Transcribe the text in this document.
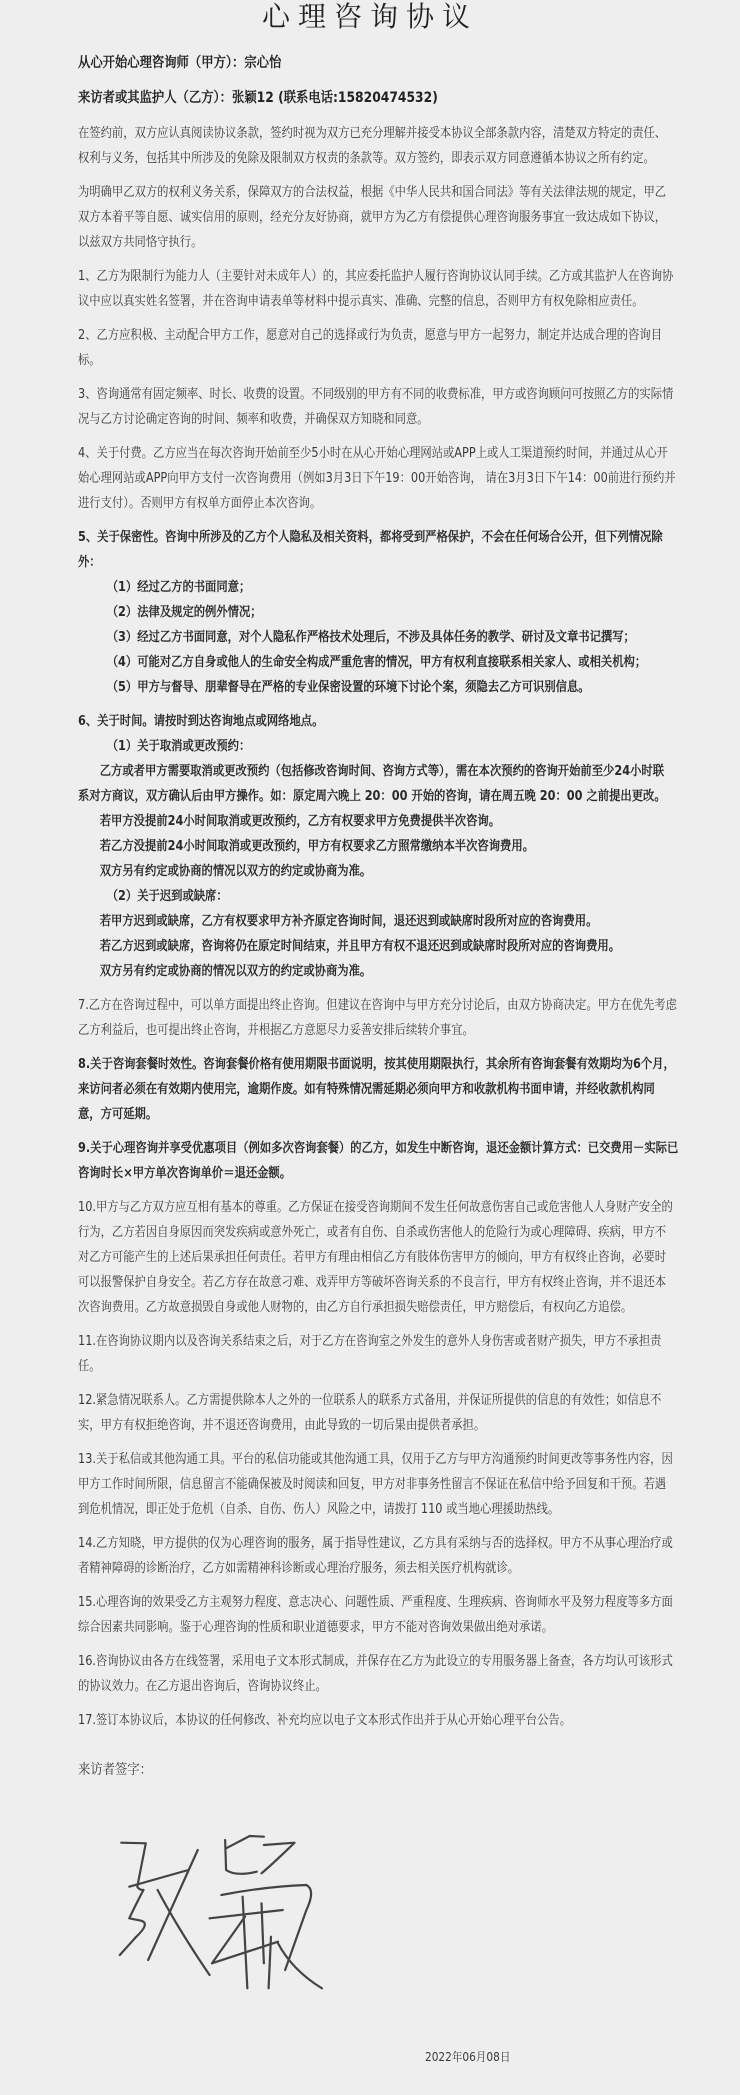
心理咨询协议
从心开始心理咨询师（甲方）：宗心怡
来访者或其监护人（乙方）：张颖12 (联系电话:15820474532)
在签约前，双方应认真阅读协议条款，签约时视为双方已充分理解并接受本协议全部条款内容，清楚双方特定的责任、
权利与义务，包括其中所涉及的免除及限制双方权责的条款等。双方签约，即表示双方同意遵循本协议之所有约定。
为明确甲乙双方的权利义务关系，保障双方的合法权益，根据《中华人民共和国合同法》等有关法律法规的规定，甲乙
双方本着平等自愿、诚实信用的原则，经充分友好协商，就甲方为乙方有偿提供心理咨询服务事宜一致达成如下协议，
以兹双方共同恪守执行。
1、乙方为限制行为能力人（主要针对未成年人）的，其应委托监护人履行咨询协议认同手续。乙方或其监护人在咨询协
议中应以真实姓名签署，并在咨询申请表单等材料中提示真实、准确、完整的信息，否则甲方有权免除相应责任。
2、乙方应积极、主动配合甲方工作，愿意对自己的选择或行为负责，愿意与甲方一起努力，制定并达成合理的咨询目
标。
3、咨询通常有固定频率、时长、收费的设置。不同级别的甲方有不同的收费标准，甲方或咨询顾问可按照乙方的实际情
况与乙方讨论确定咨询的时间、频率和收费，并确保双方知晓和同意。
4、关于付费。乙方应当在每次咨询开始前至少5小时在从心开始心理网站或APP上或人工渠道预约时间，并通过从心开
始心理网站或APP向甲方支付一次咨询费用（例如3月3日下午19：00开始咨询， 请在3月3日下午14：00前进行预约并
进行支付）。否则甲方有权单方面停止本次咨询。
5、关于保密性。咨询中所涉及的乙方个人隐私及相关资料，都将受到严格保护，不会在任何场合公开，但下列情况除
外：
（1）经过乙方的书面同意；
（2）法律及规定的例外情况；
（3）经过乙方书面同意，对个人隐私作严格技术处理后，不涉及具体任务的教学、研讨及文章书记撰写；
（4）可能对乙方自身或他人的生命安全构成严重危害的情况，甲方有权利直接联系相关家人、或相关机构；
（5）甲方与督导、朋辈督导在严格的专业保密设置的环境下讨论个案，须隐去乙方可识别信息。
6、关于时间。请按时到达咨询地点或网络地点。
（1）关于取消或更改预约：
乙方或者甲方需要取消或更改预约（包括修改咨询时间、咨询方式等），需在本次预约的咨询开始前至少24小时联
系对方商议，双方确认后由甲方操作。如：原定周六晚上 20：00 开始的咨询，请在周五晚 20：00 之前提出更改。
若甲方没提前24小时间取消或更改预约，乙方有权要求甲方免费提供半次咨询。
若乙方没提前24小时间取消或更改预约，甲方有权要求乙方照常缴纳本半次咨询费用。
双方另有约定或协商的情况以双方的约定或协商为准。
（2）关于迟到或缺席：
若甲方迟到或缺席，乙方有权要求甲方补齐原定咨询时间，退还迟到或缺席时段所对应的咨询费用。
若乙方迟到或缺席，咨询将仍在原定时间结束，并且甲方有权不退还迟到或缺席时段所对应的咨询费用。
双方另有约定或协商的情况以双方的约定或协商为准。
7.乙方在咨询过程中，可以单方面提出终止咨询。但建议在咨询中与甲方充分讨论后，由双方协商决定。甲方在优先考虑
乙方利益后，也可提出终止咨询，并根据乙方意愿尽力妥善安排后续转介事宜。
8.关于咨询套餐时效性。咨询套餐价格有使用期限书面说明，按其使用期限执行，其余所有咨询套餐有效期均为6个月，
来访问者必须在有效期内使用完，逾期作废。如有特殊情况需延期必须向甲方和收款机构书面申请，并经收款机构同
意，方可延期。
9.关于心理咨询并享受优惠项目（例如多次咨询套餐）的乙方，如发生中断咨询，退还金额计算方式：已交费用－实际已
咨询时长×甲方单次咨询单价＝退还金额。
10.甲方与乙方双方应互相有基本的尊重。乙方保证在接受咨询期间不发生任何故意伤害自己或危害他人人身财产安全的
行为，乙方若因自身原因而突发疾病或意外死亡，或者有自伤、自杀或伤害他人的危险行为或心理障碍、疾病，甲方不
对乙方可能产生的上述后果承担任何责任。若甲方有理由相信乙方有肢体伤害甲方的倾向，甲方有权终止咨询，必要时
可以报警保护自身安全。若乙方存在故意刁难、戏弄甲方等破坏咨询关系的不良言行，甲方有权终止咨询，并不退还本
次咨询费用。乙方故意损毁自身或他人财物的，由乙方自行承担损失赔偿责任，甲方赔偿后，有权向乙方追偿。
11.在咨询协议期内以及咨询关系结束之后，对于乙方在咨询室之外发生的意外人身伤害或者财产损失，甲方不承担责
任。
12.紧急情况联系人。乙方需提供除本人之外的一位联系人的联系方式备用，并保证所提供的信息的有效性；如信息不
实，甲方有权拒绝咨询，并不退还咨询费用，由此导致的一切后果由提供者承担。
13.关于私信或其他沟通工具。平台的私信功能或其他沟通工具，仅用于乙方与甲方沟通预约时间更改等事务性内容，因
甲方工作时间所限，信息留言不能确保被及时阅读和回复，甲方对非事务性留言不保证在私信中给予回复和干预。若遇
到危机情况，即正处于危机（自杀、自伤、伤人）风险之中，请拨打 110 或当地心理援助热线。
14.乙方知晓，甲方提供的仅为心理咨询的服务，属于指导性建议，乙方具有采纳与否的选择权。甲方不从事心理治疗或
者精神障碍的诊断治疗，乙方如需精神科诊断或心理治疗服务，须去相关医疗机构就诊。
15.心理咨询的效果受乙方主观努力程度、意志决心、问题性质、严重程度、生理疾病、咨询师水平及努力程度等多方面
综合因素共同影响。鉴于心理咨询的性质和职业道德要求，甲方不能对咨询效果做出绝对承诺。
16.咨询协议由各方在线签署，采用电子文本形式制成，并保存在乙方为此设立的专用服务器上备查，各方均认可该形式
的协议效力。在乙方退出咨询后，咨询协议终止。
17.签订本协议后，本协议的任何修改、补充均应以电子文本形式作出并于从心开始心理平台公告。
来访者签字：
2022年06月08日
